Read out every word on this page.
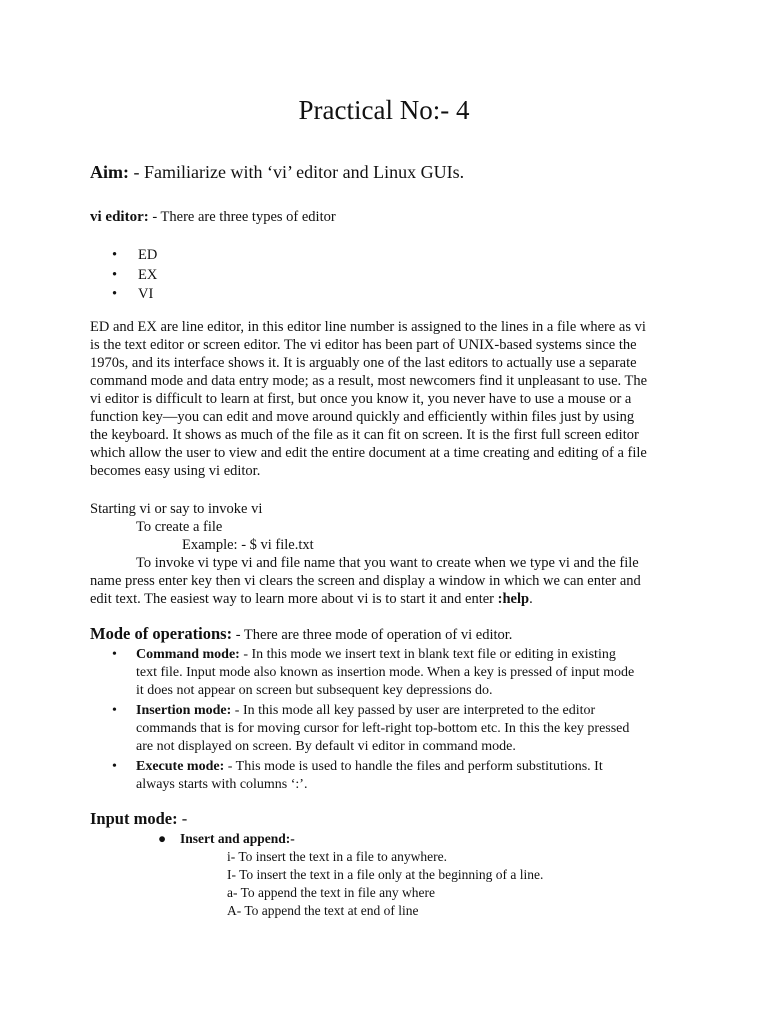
Practical No:- 4
Aim: - Familiarize with ‘vi’ editor and Linux GUIs.
vi editor: - There are three types of editor
• ED
• EX
• VI

ED and EX are line editor, in this editor line number is assigned to the lines in a file where as vi
is the text editor or screen editor. The vi editor has been part of UNIX-based systems since the
1970s, and its interface shows it. It is arguably one of the last editors to actually use a separate
command mode and data entry mode; as a result, most newcomers find it unpleasant to use. The
vi editor is difficult to learn at first, but once you know it, you never have to use a mouse or a
function key—you can edit and move around quickly and efficiently within files just by using
the keyboard. It shows as much of the file as it can fit on screen. It is the first full screen editor
which allow the user to view and edit the entire document at a time creating and editing of a file
becomes easy using vi editor.

Starting vi or say to invoke vi
To create a file
Example: - $ vi file.txt
To invoke vi type vi and file name that you want to create when we type vi and the file
name press enter key then vi clears the screen and display a window in which we can enter and
edit text. The easiest way to learn more about vi is to start it and enter :help.
Mode of operations: - There are three mode of operation of vi editor.
• Command mode: - In this mode we insert text in blank text file or editing in existing
text file. Input mode also known as insertion mode. When a key is pressed of input mode
it does not appear on screen but subsequent key depressions do.
• Insertion mode: - In this mode all key passed by user are interpreted to the editor
commands that is for moving cursor for left-right top-bottom etc. In this the key pressed
are not displayed on screen. By default vi editor in command mode.
• Execute mode: - This mode is used to handle the files and perform substitutions. It
always starts with columns ‘:’.
Input mode: -
● Insert and append:-
i- To insert the text in a file to anywhere.
I- To insert the text in a file only at the beginning of a line.
a- To append the text in file any where
A- To append the text at end of line
